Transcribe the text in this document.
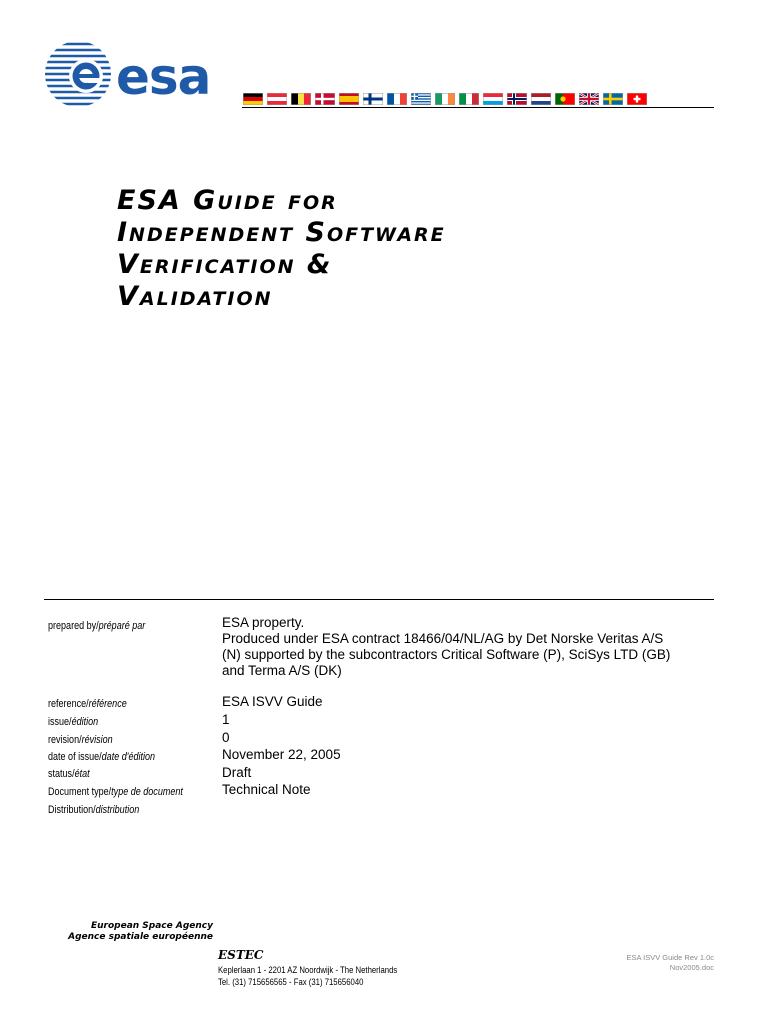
esa
ESA Guide for
Independent Software
Verification &
Validation
prepared by/préparé par	ESA property.
Produced under ESA contract 18466/04/NL/AG by Det Norske Veritas A/S
(N) supported by the subcontractors Critical Software (P), SciSys LTD (GB)
and Terma A/S (DK)
reference/référence	ESA ISVV Guide
issue/édition	1
revision/révision	0
date of issue/date d'édition	November 22, 2005
status/état	Draft
Document type/type de document	Technical Note
Distribution/distribution
European Space Agency
Agence spatiale européenne
ESTEC
Keplerlaan 1 - 2201 AZ Noordwijk - The Netherlands
Tel. (31) 715656565 - Fax (31) 715656040
ESA ISVV Guide Rev 1.0c
Nov2005.doc
